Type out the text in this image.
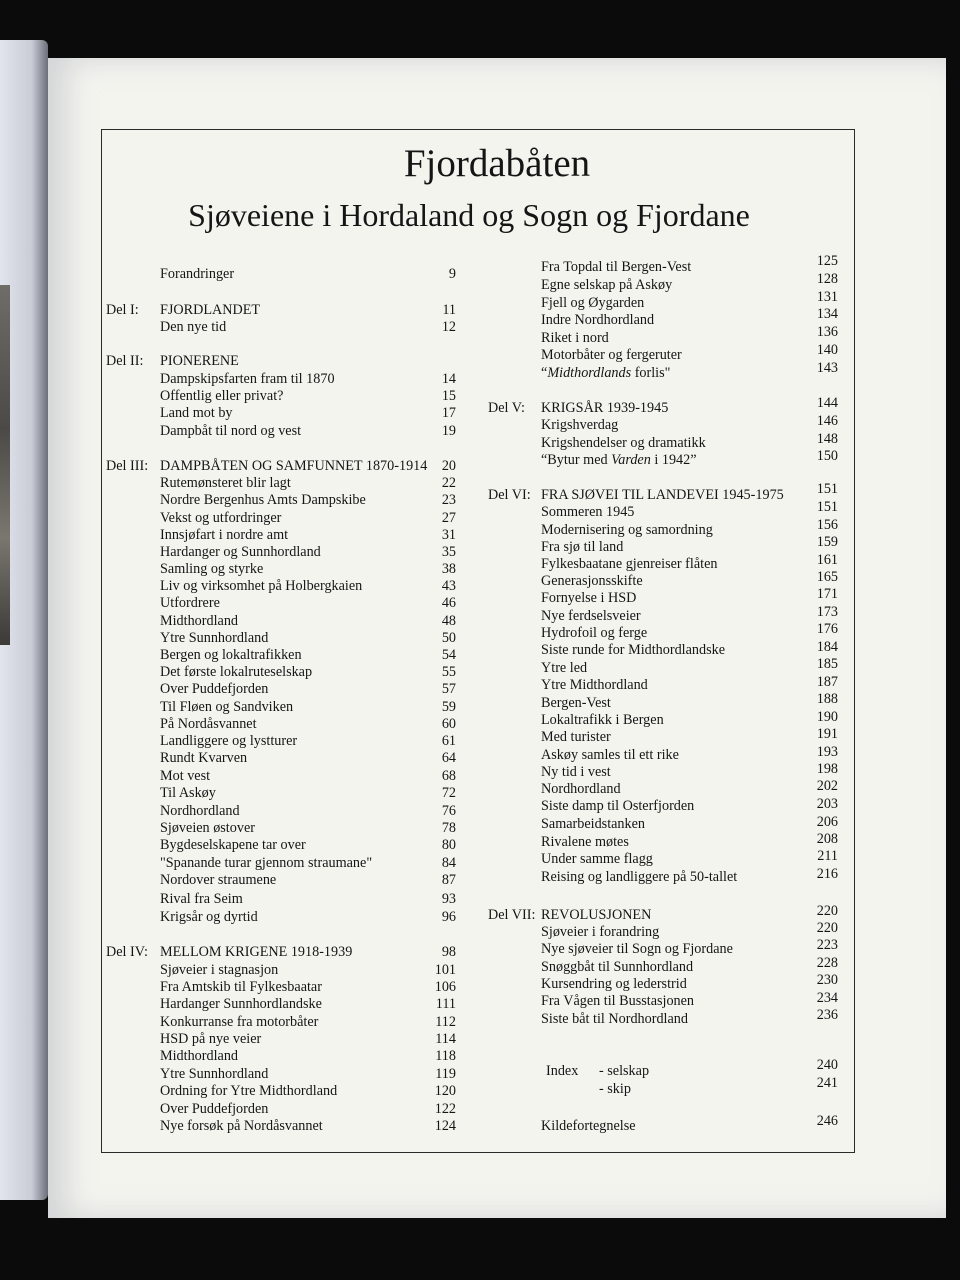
Fjordabåten
Sjøveiene i Hordaland og Sogn og Fjordane
Forandringer	9
Del I: FJORDLANDET	11
Den nye tid	12
Del II: PIONERENE
Dampskipsfarten fram til 1870	14
Offentlig eller privat?	15
Land mot by	17
Dampbåt til nord og vest	19
Del III: DAMPBÅTEN OG SAMFUNNET 1870-1914	20
Rutemønsteret blir lagt	22
Nordre Bergenhus Amts Dampskibe	23
Vekst og utfordringer	27
Innsjøfart i nordre amt	31
Hardanger og Sunnhordland	35
Samling og styrke	38
Liv og virksomhet på Holbergkaien	43
Utfordrere	46
Midthordland	48
Ytre Sunnhordland	50
Bergen og lokaltrafikken	54
Det første lokalruteselskap	55
Over Puddefjorden	57
Til Fløen og Sandviken	59
På Nordåsvannet	60
Landliggere og lystturer	61
Rundt Kvarven	64
Mot vest	68
Til Askøy	72
Nordhordland	76
Sjøveien østover	78
Bygdeselskapene tar over	80
"Spanande turar gjennom straumane"	84
Nordover straumene	87
Rival fra Seim	93
Krigsår og dyrtid	96
Del IV: MELLOM KRIGENE 1918-1939	98
Sjøveier i stagnasjon	101
Fra Amtskib til Fylkesbaatar	106
Hardanger Sunnhordlandske	111
Konkurranse fra motorbåter	112
HSD på nye veier	114
Midthordland	118
Ytre Sunnhordland	119
Ordning for Ytre Midthordland	120
Over Puddefjorden	122
Nye forsøk på Nordåsvannet	124
Fra Topdal til Bergen-Vest	125
Egne selskap på Askøy	128
Fjell og Øygarden	131
Indre Nordhordland	134
Riket i nord	136
Motorbåter og fergeruter	140
“Midthordlands forlis"	143
Del V: KRIGSÅR 1939-1945	144
Krigshverdag	146
Krigshendelser og dramatikk	148
“Bytur med Varden i 1942”	150
Del VI: FRA SJØVEI TIL LANDEVEI 1945-1975	151
Sommeren 1945	151
Modernisering og samordning	156
Fra sjø til land	159
Fylkesbaatane gjenreiser flåten	161
Generasjonsskifte	165
Fornyelse i HSD	171
Nye ferdselsveier	173
Hydrofoil og ferge	176
Siste runde for Midthordlandske	184
Ytre led	185
Ytre Midthordland	187
Bergen-Vest	188
Lokaltrafikk i Bergen	190
Med turister	191
Askøy samles til ett rike	193
Ny tid i vest	198
Nordhordland	202
Siste damp til Osterfjorden	203
Samarbeidstanken	206
Rivalene møtes	208
Under samme flagg	211
Reising og landliggere på 50-tallet	216
Del VII: REVOLUSJONEN	220
Sjøveier i forandring	220
Nye sjøveier til Sogn og Fjordane	223
Snøggbåt til Sunnhordland	228
Kursendring og lederstrid	230
Fra Vågen til Busstasjonen	234
Siste båt til Nordhordland	236
Index - selskap	240
- skip	241
Kildefortegnelse	246
